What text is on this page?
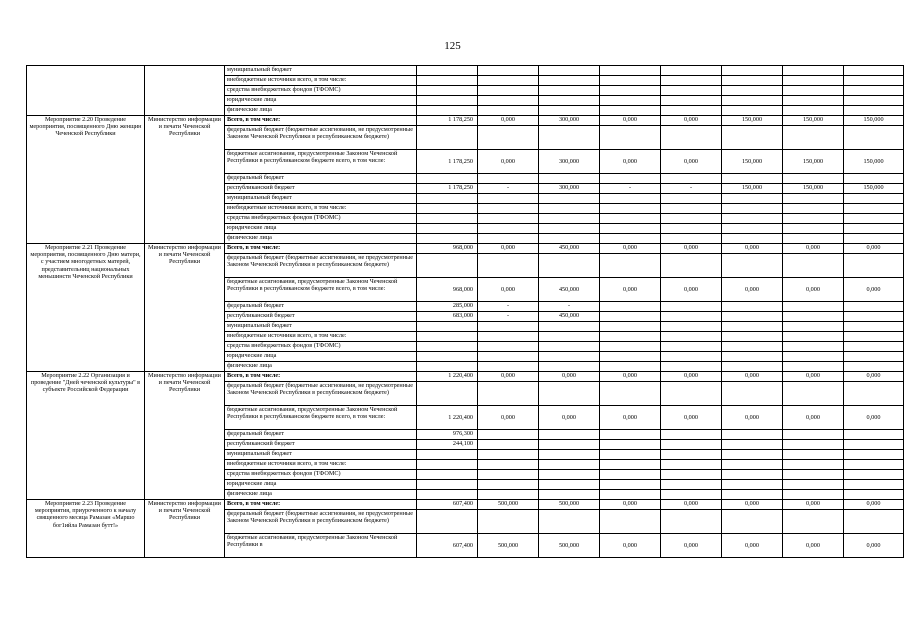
125
		муниципальный бюджет									
		внебюджетные источники всего, в том числе:									
		средства внебюджетных фондов (ТФОМС)									
		юридические лица									
		физические лица									
Мероприятие 2.20 Проведение мероприятия, посвященного Дню женщин Чеченской Республики	Министерство информации и печати Чеченской Республики	Всего, в том числе:	1 178,250	0,000	300,000	0,000	0,000	150,000	150,000	150,000	
		федеральный бюджет (бюджетные ассигнования, не предусмотренные Законом Чеченской Республики в республиканском бюджете)									
		бюджетные ассигнования, предусмотренные Законом Чеченской Республики в республиканском бюджете всего, в том числе:	1 178,250	0,000	300,000	0,000	0,000	150,000	150,000	150,000	
		федеральный бюджет									
		республиканский бюджет	1 178,250	-	300,000	-	-	150,000	150,000	150,000	
		муниципальный бюджет									
		внебюджетные источники всего, в том числе:									
		средства внебюджетных фондов (ТФОМС)									
		юридические лица									
		физические лица									
Мероприятие 2.21 Проведение мероприятия, посвященного Дню матери, с участием многодетных матерей, представительниц национальных меньшинств Чеченской Республики	Министерство информации и печати Чеченской Республики	Всего, в том числе:	968,000	0,000	450,000	0,000	0,000	0,000	0,000	0,000	
		федеральный бюджет (бюджетные ассигнования, не предусмотренные Законом Чеченской Республики в республиканском бюджете)									
		бюджетные ассигнования, предусмотренные Законом Чеченской Республики в республиканском бюджете всего, в том числе:	968,000	0,000	450,000	0,000	0,000	0,000	0,000	0,000	
		федеральный бюджет	285,000	-	-						
		республиканский бюджет	683,000	-	450,000						
		муниципальный бюджет									
		внебюджетные источники всего, в том числе:									
		средства внебюджетных фондов (ТФОМС)									
		юридические лица									
		физические лица									
Мероприятие 2.22 Организация и проведение "Дней чеченской культуры" в субъекте Российской Федерации	Министерство информации и печати Чеченской Республики	Всего, в том числе:	1 220,400	0,000	0,000	0,000	0,000	0,000	0,000	0,000	
		федеральный бюджет (бюджетные ассигнования, не предусмотренные Законом Чеченской Республики в республиканском бюджете)									
		бюджетные ассигнования, предусмотренные Законом Чеченской Республики в республиканском бюджете всего, в том числе:	1 220,400	0,000	0,000	0,000	0,000	0,000	0,000	0,000	
		федеральный бюджет	976,300								
		республиканский бюджет	244,100								
		муниципальный бюджет									
		внебюджетные источники всего, в том числе:									
		средства внебюджетных фондов (ТФОМС)									
		юридические лица									
		физические лица									
Мероприятие 2.23 Проведение мероприятия, приуроченного к началу священного месяца Рамазан «Маршо бог1ийла Рамазан бутт!»	Министерство информации и печати Чеченской Республики	Всего, в том числе:	607,400	500,000	500,000	0,000	0,000	0,000	0,000	0,000	
		федеральный бюджет (бюджетные ассигнования, не предусмотренные Законом Чеченской Республики в республиканском бюджете)									
		бюджетные ассигнования, предусмотренные Законом Чеченской Республики в	607,400	500,000	500,000	0,000	0,000	0,000	0,000	0,000	
